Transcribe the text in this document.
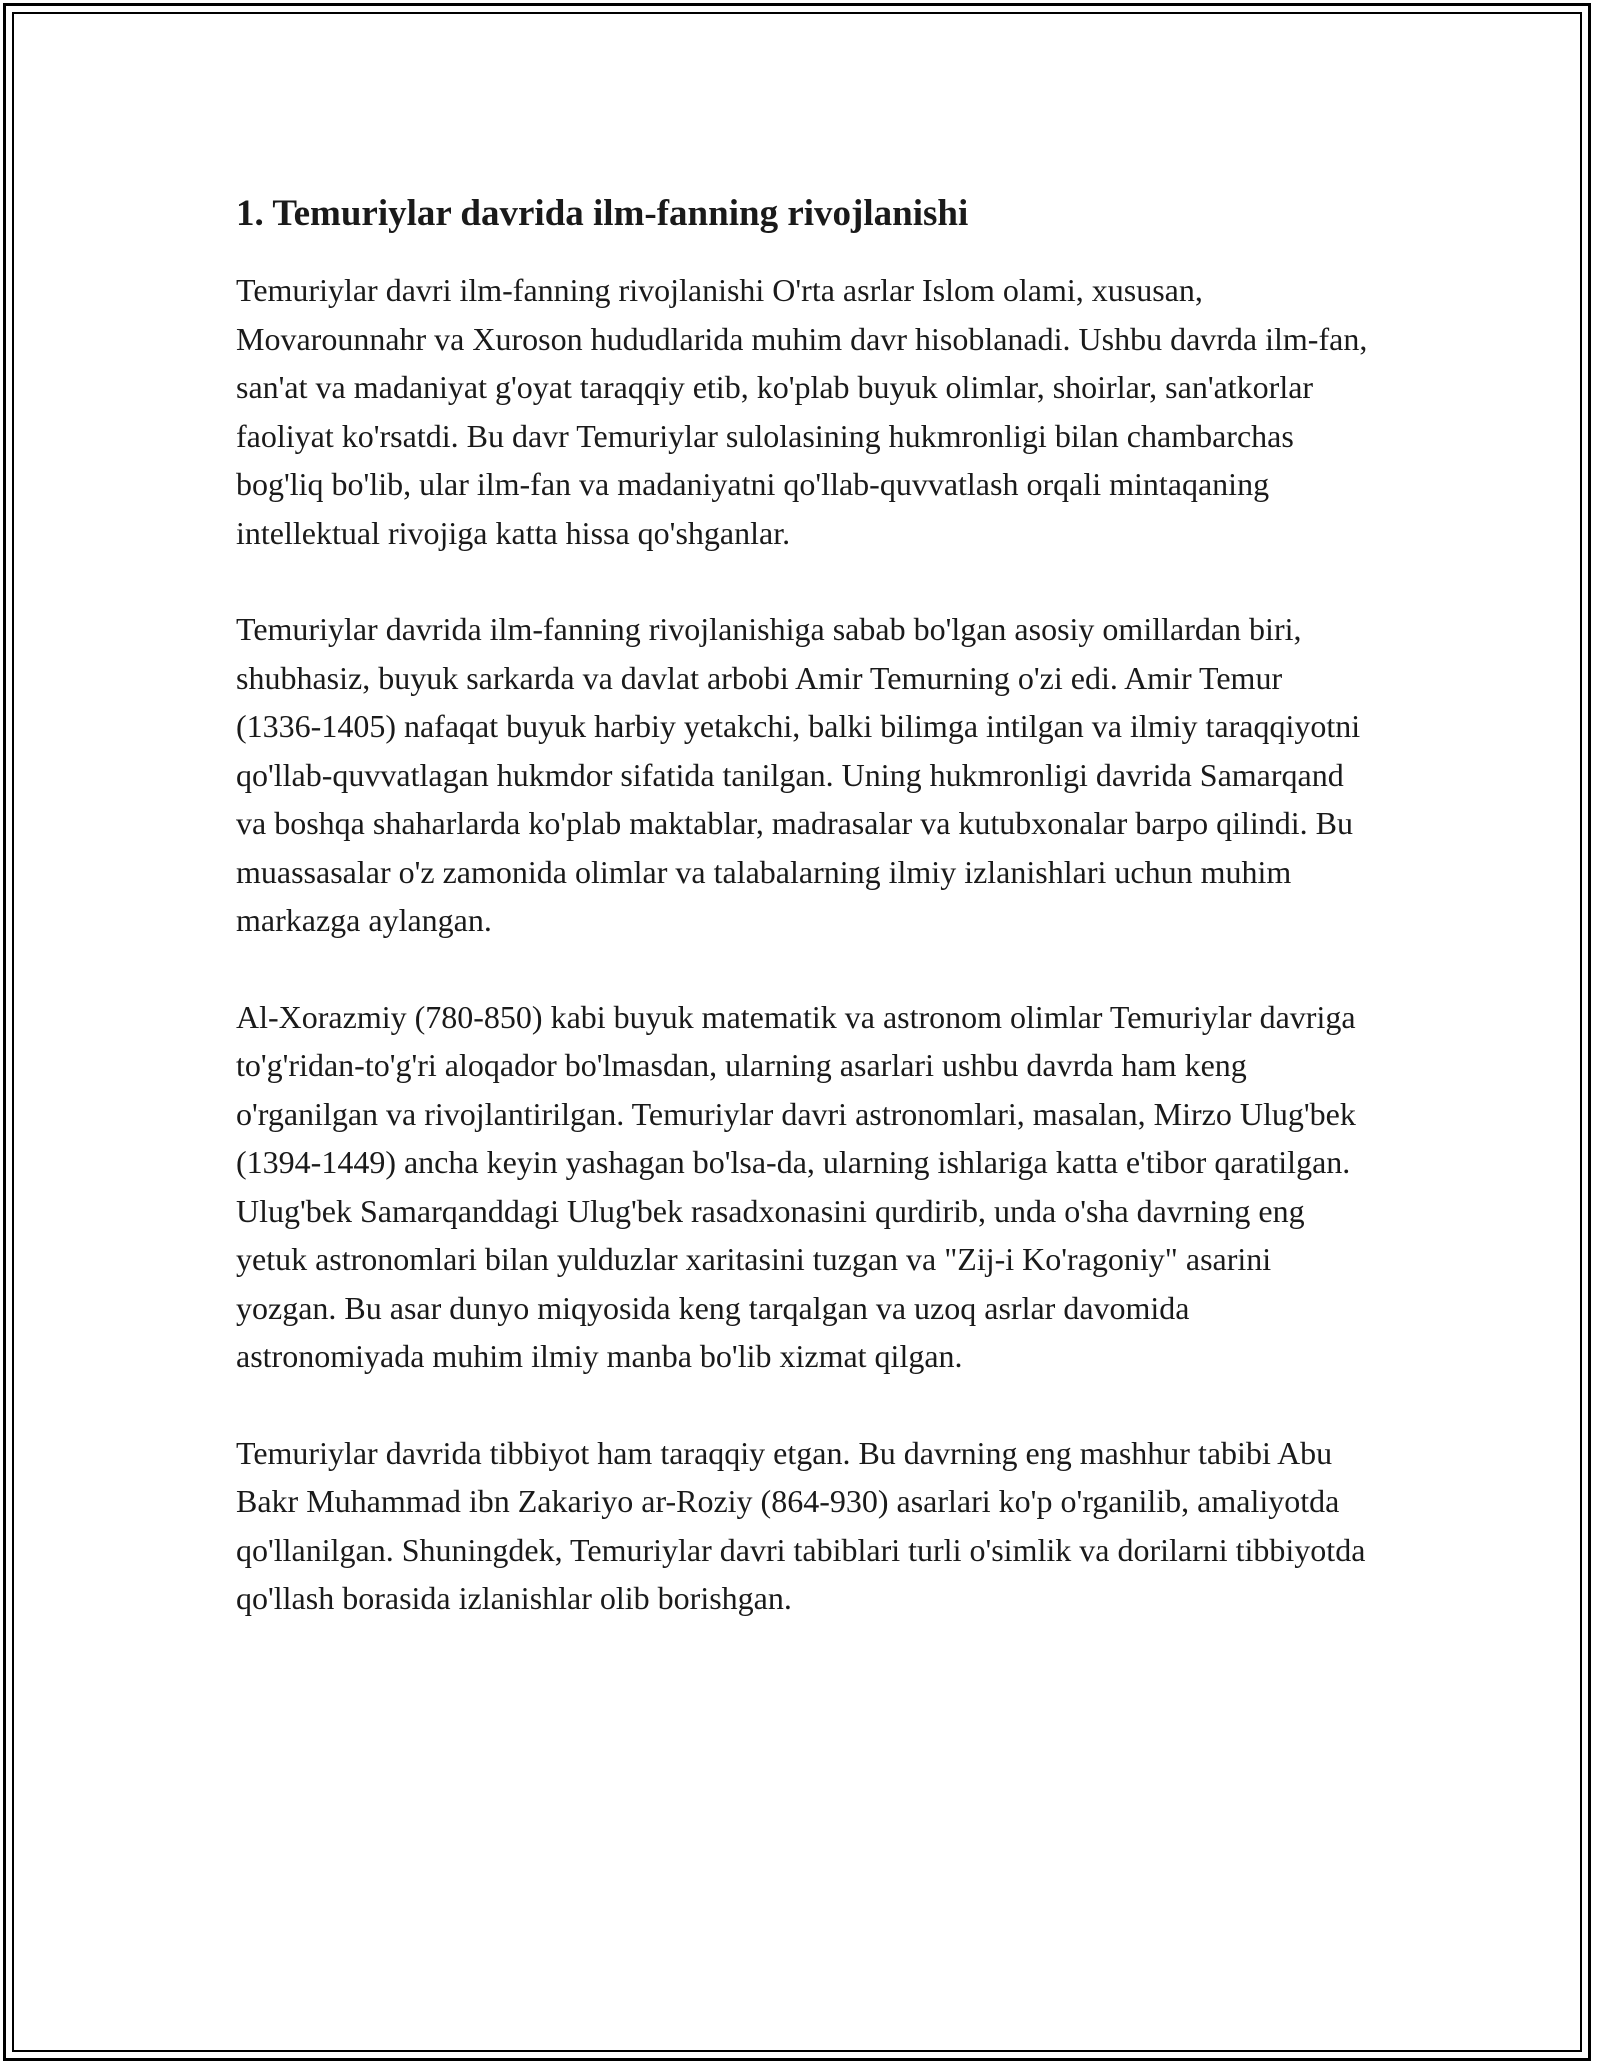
1. Temuriylar davrida ilm-fanning rivojlanishi

Temuriylar davri ilm-fanning rivojlanishi O'rta asrlar Islom olami, xususan, Movarounnahr va Xuroson hududlarida muhim davr hisoblanadi. Ushbu davrda ilm-fan, san'at va madaniyat g'oyat taraqqiy etib, ko'plab buyuk olimlar, shoirlar, san'atkorlar faoliyat ko'rsatdi. Bu davr Temuriylar sulolasining hukmronligi bilan chambarchas bog'liq bo'lib, ular ilm-fan va madaniyatni qo'llab-quvvatlash orqali mintaqaning intellektual rivojiga katta hissa qo'shganlar.

Temuriylar davrida ilm-fanning rivojlanishiga sabab bo'lgan asosiy omillardan biri, shubhasiz, buyuk sarkarda va davlat arbobi Amir Temurning o'zi edi. Amir Temur (1336-1405) nafaqat buyuk harbiy yetakchi, balki bilimga intilgan va ilmiy taraqqiyotni qo'llab-quvvatlagan hukmdor sifatida tanilgan. Uning hukmronligi davrida Samarqand va boshqa shaharlarda ko'plab maktablar, madrasalar va kutubxonalar barpo qilindi. Bu muassasalar o'z zamonida olimlar va talabalarning ilmiy izlanishlari uchun muhim markazga aylangan.

Al-Xorazmiy (780-850) kabi buyuk matematik va astronom olimlar Temuriylar davriga to'g'ridan-to'g'ri aloqador bo'lmasdan, ularning asarlari ushbu davrda ham keng o'rganilgan va rivojlantirilgan. Temuriylar davri astronomlari, masalan, Mirzo Ulug'bek (1394-1449) ancha keyin yashagan bo'lsa-da, ularning ishlariga katta e'tibor qaratilgan. Ulug'bek Samarqanddagi Ulug'bek rasadxonasini qurdirib, unda o'sha davrning eng yetuk astronomlari bilan yulduzlar xaritasini tuzgan va "Zij-i Ko'ragoniy" asarini yozgan. Bu asar dunyo miqyosida keng tarqalgan va uzoq asrlar davomida astronomiyada muhim ilmiy manba bo'lib xizmat qilgan.

Temuriylar davrida tibbiyot ham taraqqiy etgan. Bu davrning eng mashhur tabibi Abu Bakr Muhammad ibn Zakariyo ar-Roziy (864-930) asarlari ko'p o'rganilib, amaliyotda qo'llanilgan. Shuningdek, Temuriylar davri tabiblari turli o'simlik va dorilarni tibbiyotda qo'llash borasida izlanishlar olib borishgan.
